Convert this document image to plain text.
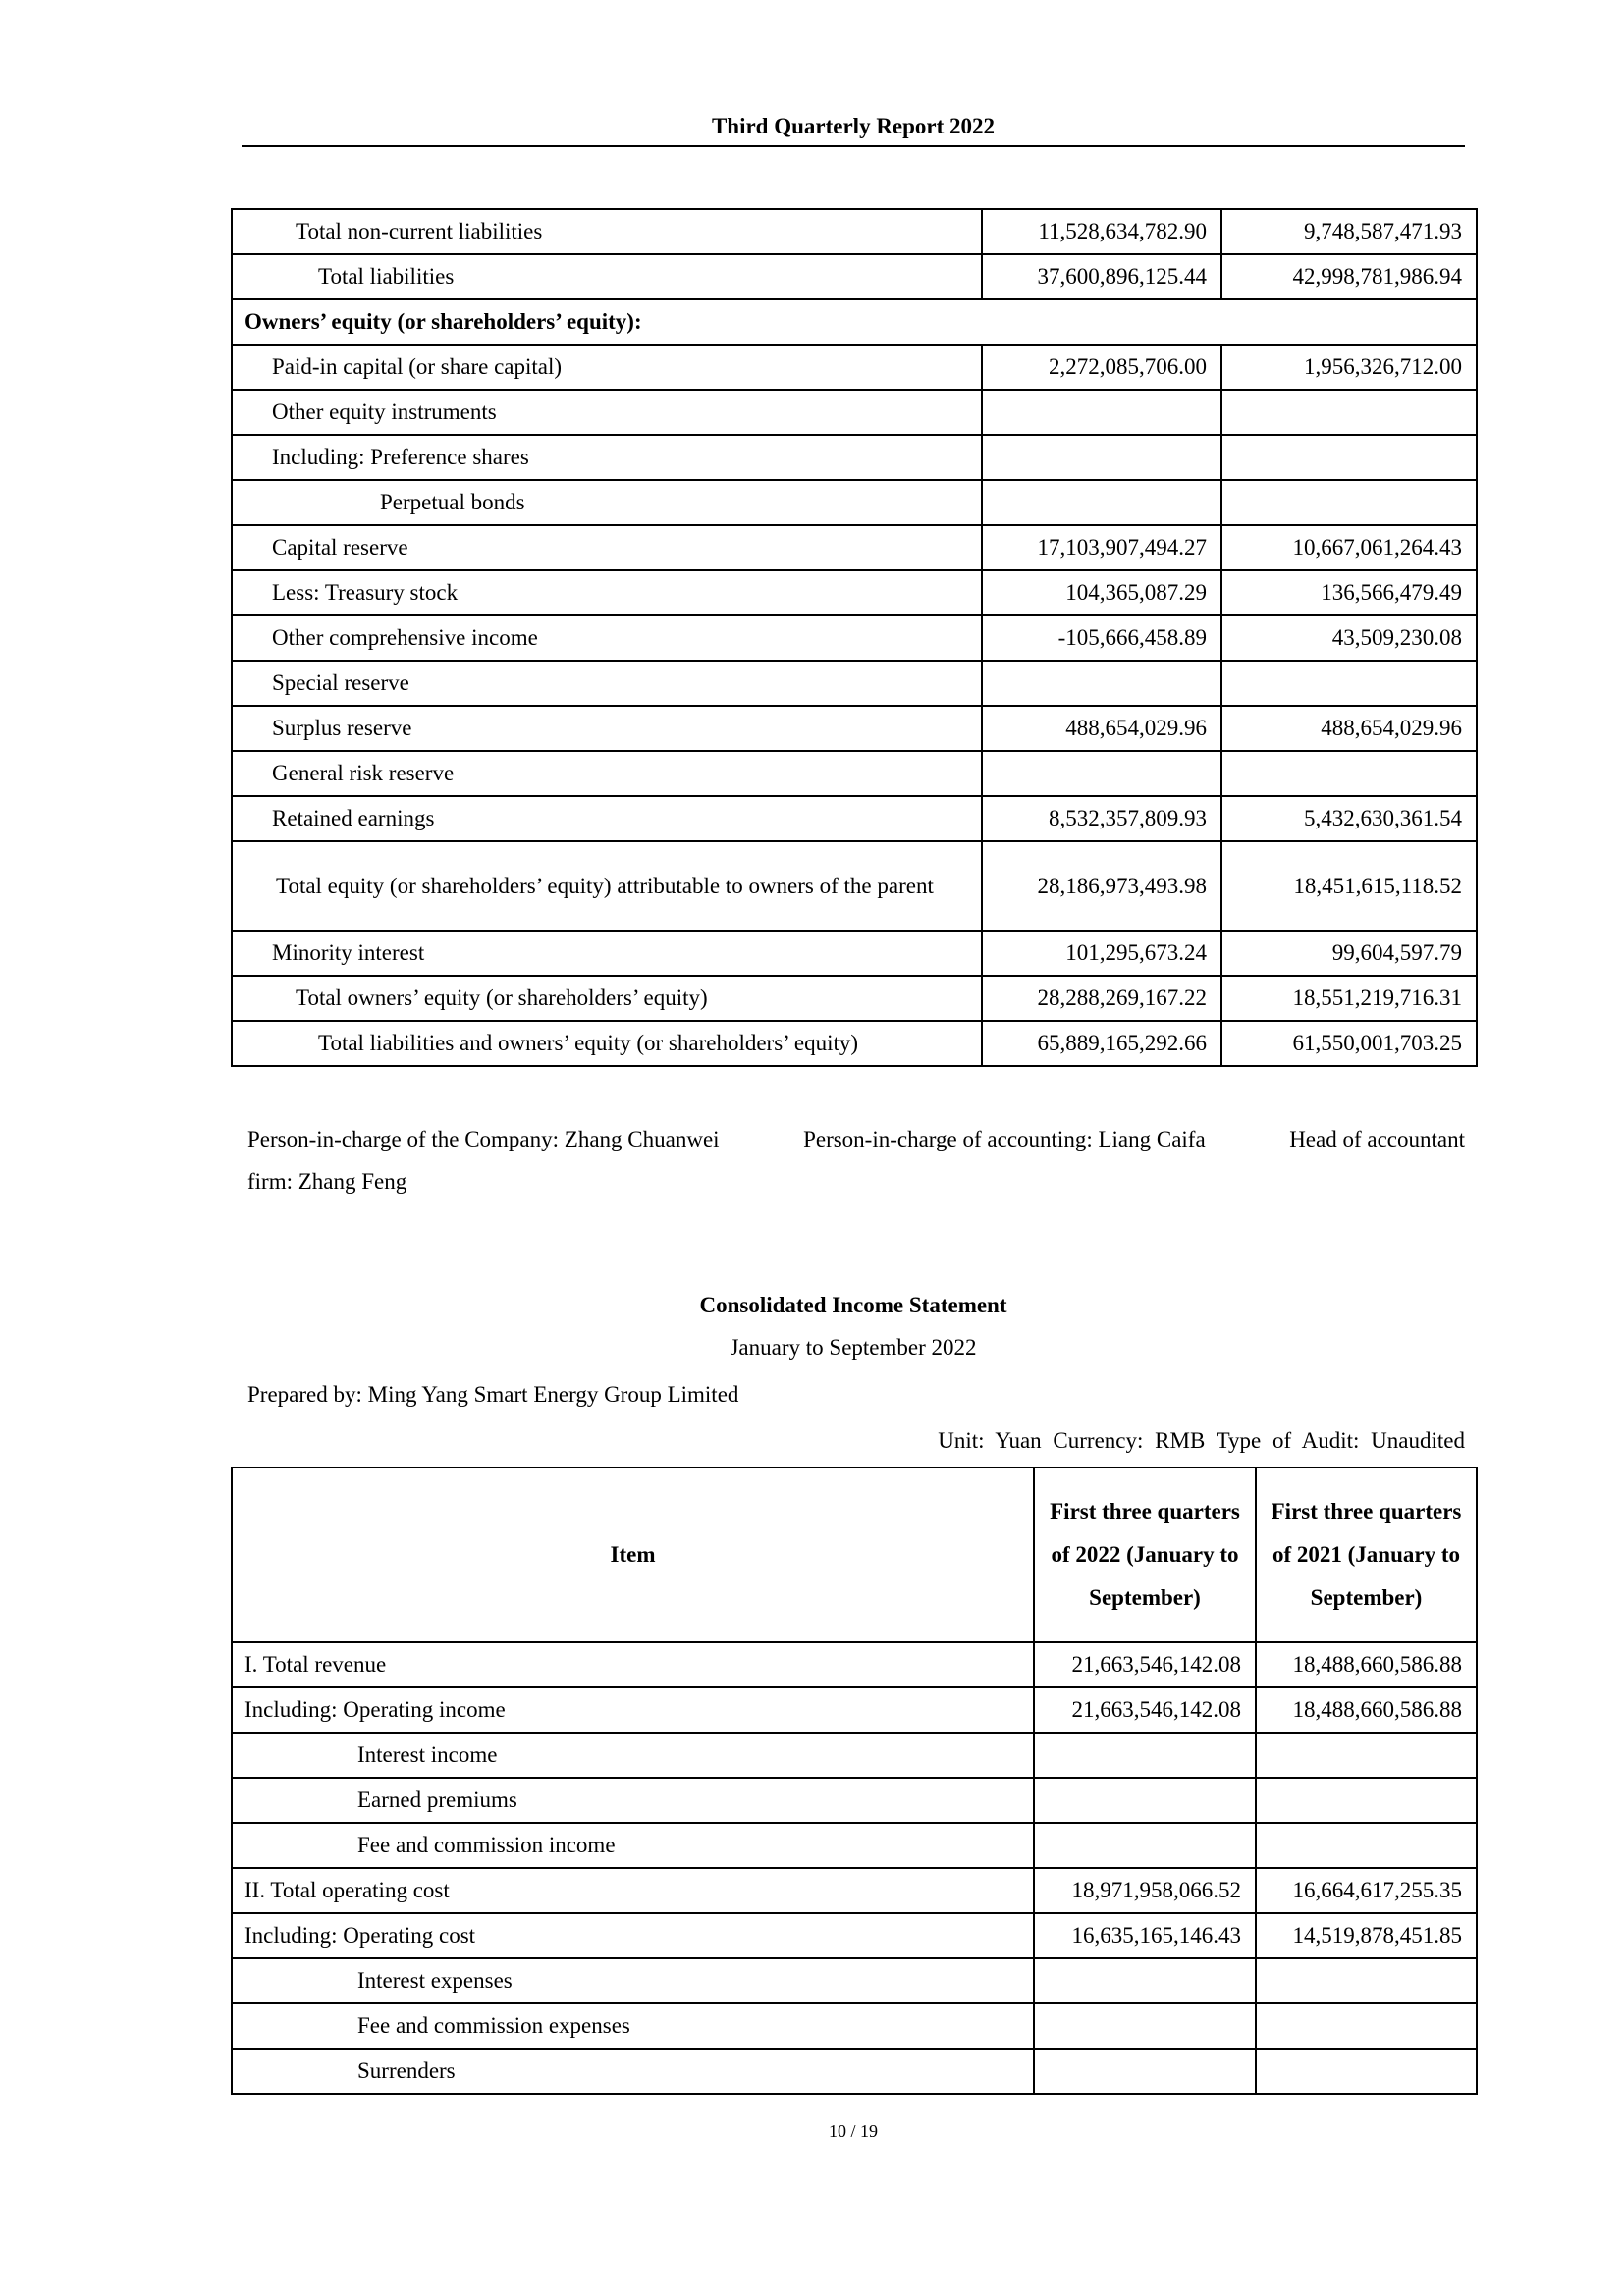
Third Quarterly Report 2022
Total non-current liabilities	11,528,634,782.90	9,748,587,471.93
Total liabilities	37,600,896,125.44	42,998,781,986.94
Owners’ equity (or shareholders’ equity):		
Paid-in capital (or share capital)	2,272,085,706.00	1,956,326,712.00
Other equity instruments		
Including: Preference shares		
Perpetual bonds		
Capital reserve	17,103,907,494.27	10,667,061,264.43
Less: Treasury stock	104,365,087.29	136,566,479.49
Other comprehensive income	-105,666,458.89	43,509,230.08
Special reserve		
Surplus reserve	488,654,029.96	488,654,029.96
General risk reserve		
Retained earnings	8,532,357,809.93	5,432,630,361.54
Total equity (or shareholders’ equity) attributable to owners of the parent	28,186,973,493.98	18,451,615,118.52
Minority interest	101,295,673.24	99,604,597.79
Total owners’ equity (or shareholders’ equity)	28,288,269,167.22	18,551,219,716.31
Total liabilities and owners’ equity (or shareholders’ equity)	65,889,165,292.66	61,550,001,703.25
Person-in-charge of the Company: Zhang Chuanwei	Person-in-charge of accounting: Liang Caifa	Head of accountant
firm: Zhang Feng
Consolidated Income Statement
January to September 2022
Prepared by: Ming Yang Smart Energy Group Limited
Unit: Yuan Currency: RMB Type of Audit: Unaudited
Item	First three quarters of 2022 (January to September)	First three quarters of 2021 (January to September)
I. Total revenue	21,663,546,142.08	18,488,660,586.88
Including: Operating income	21,663,546,142.08	18,488,660,586.88
Interest income		
Earned premiums		
Fee and commission income		
II. Total operating cost	18,971,958,066.52	16,664,617,255.35
Including: Operating cost	16,635,165,146.43	14,519,878,451.85
Interest expenses		
Fee and commission expenses		
Surrenders		
10 / 19
